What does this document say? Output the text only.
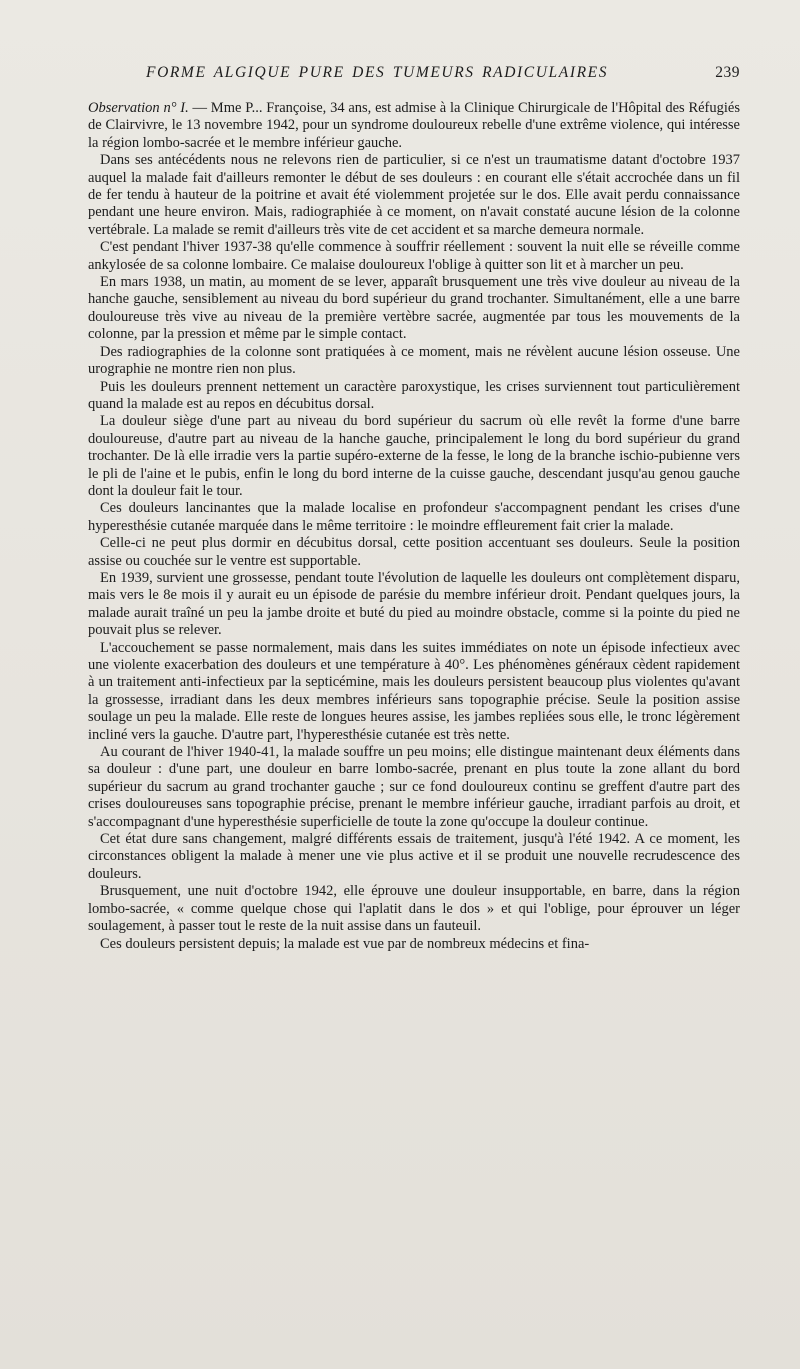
FORME ALGIQUE PURE DES TUMEURS RADICULAIRES	239

Observation n° I. — Mme P... Françoise, 34 ans, est admise à la Clinique Chirurgicale de l'Hôpital des Réfugiés de Clairvivre, le 13 novembre 1942, pour un syndrome douloureux rebelle d'une extrême violence, qui intéresse la région lombo-sacrée et le membre inférieur gauche.

Dans ses antécédents nous ne relevons rien de particulier, si ce n'est un traumatisme datant d'octobre 1937 auquel la malade fait d'ailleurs remonter le début de ses douleurs : en courant elle s'était accrochée dans un fil de fer tendu à hauteur de la poitrine et avait été violemment projetée sur le dos. Elle avait perdu connaissance pendant une heure environ. Mais, radiographiée à ce moment, on n'avait constaté aucune lésion de la colonne vertébrale. La malade se remit d'ailleurs très vite de cet accident et sa marche demeura normale.

C'est pendant l'hiver 1937-38 qu'elle commence à souffrir réellement : souvent la nuit elle se réveille comme ankylosée de sa colonne lombaire. Ce malaise douloureux l'oblige à quitter son lit et à marcher un peu.

En mars 1938, un matin, au moment de se lever, apparaît brusquement une très vive douleur au niveau de la hanche gauche, sensiblement au niveau du bord supérieur du grand trochanter. Simultanément, elle a une barre douloureuse très vive au niveau de la première vertèbre sacrée, augmentée par tous les mouvements de la colonne, par la pression et même par le simple contact.

Des radiographies de la colonne sont pratiquées à ce moment, mais ne révèlent aucune lésion osseuse. Une urographie ne montre rien non plus.

Puis les douleurs prennent nettement un caractère paroxystique, les crises surviennent tout particulièrement quand la malade est au repos en décubitus dorsal.

La douleur siège d'une part au niveau du bord supérieur du sacrum où elle revêt la forme d'une barre douloureuse, d'autre part au niveau de la hanche gauche, principalement le long du bord supérieur du grand trochanter. De là elle irradie vers la partie supéro-externe de la fesse, le long de la branche ischio-pubienne vers le pli de l'aine et le pubis, enfin le long du bord interne de la cuisse gauche, descendant jusqu'au genou gauche dont la douleur fait le tour.

Ces douleurs lancinantes que la malade localise en profondeur s'accompagnent pendant les crises d'une hyperesthésie cutanée marquée dans le même territoire : le moindre effleurement fait crier la malade.

Celle-ci ne peut plus dormir en décubitus dorsal, cette position accentuant ses douleurs. Seule la position assise ou couchée sur le ventre est supportable.

En 1939, survient une grossesse, pendant toute l'évolution de laquelle les douleurs ont complètement disparu, mais vers le 8e mois il y aurait eu un épisode de parésie du membre inférieur droit. Pendant quelques jours, la malade aurait traîné un peu la jambe droite et buté du pied au moindre obstacle, comme si la pointe du pied ne pouvait plus se relever.

L'accouchement se passe normalement, mais dans les suites immédiates on note un épisode infectieux avec une violente exacerbation des douleurs et une température à 40°. Les phénomènes généraux cèdent rapidement à un traitement anti-infectieux par la septicémine, mais les douleurs persistent beaucoup plus violentes qu'avant la grossesse, irradiant dans les deux membres inférieurs sans topographie précise. Seule la position assise soulage un peu la malade. Elle reste de longues heures assise, les jambes repliées sous elle, le tronc légèrement incliné vers la gauche. D'autre part, l'hyperesthésie cutanée est très nette.

Au courant de l'hiver 1940-41, la malade souffre un peu moins; elle distingue maintenant deux éléments dans sa douleur : d'une part, une douleur en barre lombo-sacrée, prenant en plus toute la zone allant du bord supérieur du sacrum au grand trochanter gauche ; sur ce fond douloureux continu se greffent d'autre part des crises douloureuses sans topographie précise, prenant le membre inférieur gauche, irradiant parfois au droit, et s'accompagnant d'une hyperesthésie superficielle de toute la zone qu'occupe la douleur continue.

Cet état dure sans changement, malgré différents essais de traitement, jusqu'à l'été 1942. A ce moment, les circonstances obligent la malade à mener une vie plus active et il se produit une nouvelle recrudescence des douleurs.

Brusquement, une nuit d'octobre 1942, elle éprouve une douleur insupportable, en barre, dans la région lombo-sacrée, « comme quelque chose qui l'aplatit dans le dos » et qui l'oblige, pour éprouver un léger soulagement, à passer tout le reste de la nuit assise dans un fauteuil.

Ces douleurs persistent depuis; la malade est vue par de nombreux médecins et fina-
